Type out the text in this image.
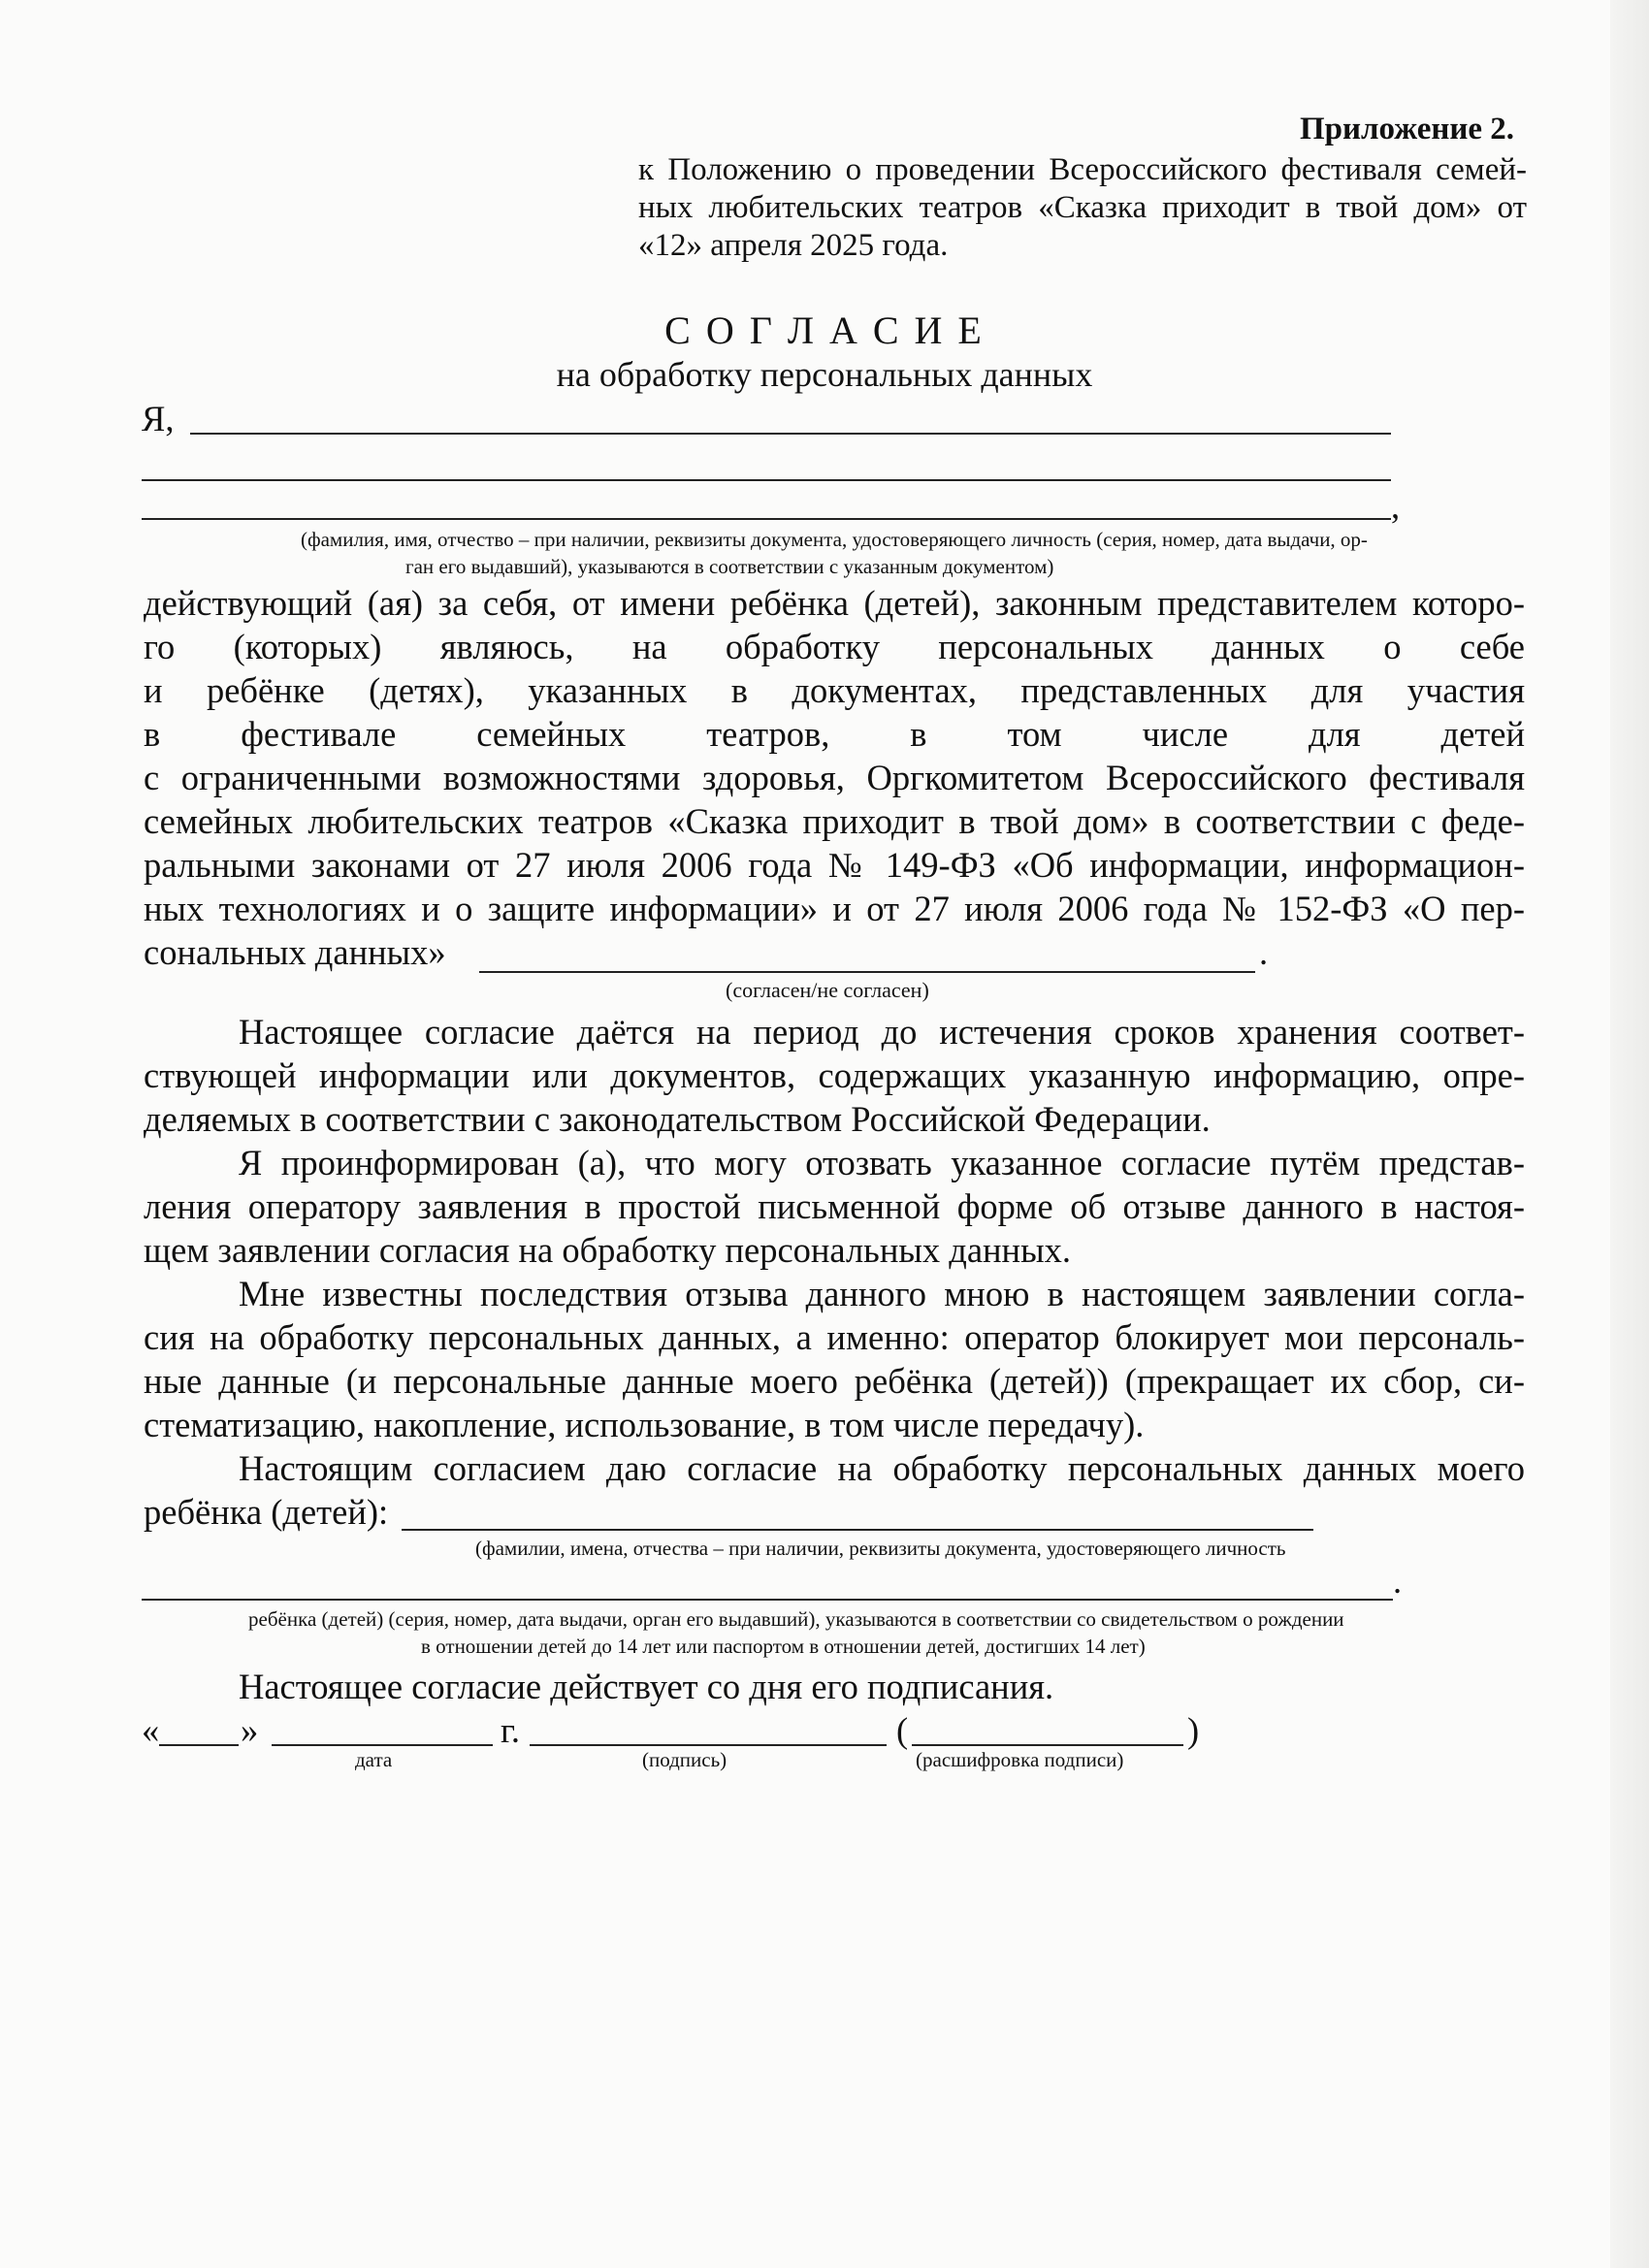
Приложение 2.
к Положению о проведении Всероссийского фестиваля семей-
ных любительских театров «Сказка приходит в твой дом» от
«12» апреля 2025 года.
С О Г Л А С И Е
на обработку персональных данных
Я,
,
(фамилия, имя, отчество – при наличии, реквизиты документа, удостоверяющего личность (серия, номер, дата выдачи, ор-
ган его выдавший), указываются в соответствии с указанным документом)
действующий (ая) за себя, от имени ребёнка (детей), законным представителем которо-
го (которых) являюсь, на обработку персональных данных о себе
и ребёнке (детях), указанных в документах, представленных для участия
в фестивале семейных театров, в том числе для детей
с ограниченными возможностями здоровья, Оргкомитетом Всероссийского фестиваля
семейных любительских театров «Сказка приходит в твой дом» в соответствии с феде-
ральными законами от 27 июля 2006 года № 149-ФЗ «Об информации, информацион-
ных технологиях и о защите информации» и от 27 июля 2006 года № 152-ФЗ «О пер-
сональных данных»	.
(согласен/не согласен)
Настоящее согласие даётся на период до истечения сроков хранения соответ-
ствующей информации или документов, содержащих указанную информацию, опре-
деляемых в соответствии с законодательством Российской Федерации.
Я проинформирован (а), что могу отозвать указанное согласие путём представ-
ления оператору заявления в простой письменной форме об отзыве данного в настоя-
щем заявлении согласия на обработку персональных данных.
Мне известны последствия отзыва данного мною в настоящем заявлении согла-
сия на обработку персональных данных, а именно: оператор блокирует мои персональ-
ные данные (и персональные данные моего ребёнка (детей)) (прекращает их сбор, си-
стематизацию, накопление, использование, в том числе передачу).
Настоящим согласием даю согласие на обработку персональных данных моего
ребёнка (детей):
(фамилии, имена, отчества – при наличии, реквизиты документа, удостоверяющего личность
.
ребёнка (детей) (серия, номер, дата выдачи, орган его выдавший), указываются в соответствии со свидетельством о рождении
в отношении детей до 14 лет или паспортом в отношении детей, достигших 14 лет)
Настоящее согласие действует со дня его подписания.
« »	г.	(	)
дата	(подпись)	(расшифровка подписи)
